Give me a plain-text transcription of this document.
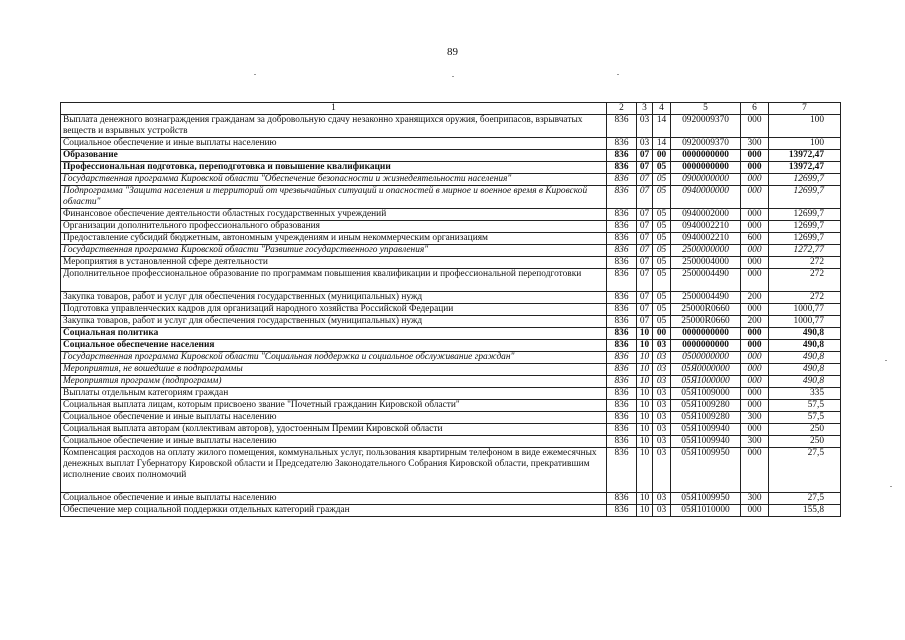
89
1	2	3	4	5	6	7
Выплата денежного вознаграждения гражданам за добровольную сдачу незаконно хранящихся оружия, боеприпасов, взрывчатых веществ и взрывных устройств	836	03	14	0920009370	000	100
Социальное обеспечение и иные выплаты населению	836	03	14	0920009370	300	100
Образование	836	07	00	0000000000	000	13972,47
Профессиональная подготовка, переподготовка и повышение квалификации	836	07	05	0000000000	000	13972,47
Государственная программа Кировской области "Обеспечение безопасности и жизнедеятельности населения"	836	07	05	0900000000	000	12699,7
Подпрограмма "Защита населения и территорий от чрезвычайных ситуаций и опасностей в мирное и военное время в Кировской области"	836	07	05	0940000000	000	12699,7
Финансовое обеспечение деятельности областных государственных учреждений	836	07	05	0940002000	000	12699,7
Организации дополнительного профессионального образования	836	07	05	0940002210	000	12699,7
Предоставление субсидий бюджетным, автономным учреждениям и иным некоммерческим организациям	836	07	05	0940002210	600	12699,7
Государственная программа Кировской области "Развитие государственного управления"	836	07	05	2500000000	000	1272,77
Мероприятия в установленной сфере деятельности	836	07	05	2500004000	000	272
Дополнительное профессиональное образование по программам повышения квалификации и профессиональной переподготовки	836	07	05	2500004490	000	272
Закупка товаров, работ и услуг для обеспечения государственных (муниципальных) нужд	836	07	05	2500004490	200	272
Подготовка управленческих кадров для организаций народного хозяйства Российской Федерации	836	07	05	25000R0660	000	1000,77
Закупка товаров, работ и услуг для обеспечения государственных (муниципальных) нужд	836	07	05	25000R0660	200	1000,77
Социальная политика	836	10	00	0000000000	000	490,8
Социальное обеспечение населения	836	10	03	0000000000	000	490,8
Государственная программа Кировской области "Социальная поддержка и социальное обслуживание граждан"	836	10	03	0500000000	000	490,8
Мероприятия, не вошедшие в подпрограммы	836	10	03	05Я0000000	000	490,8
Мероприятия программ (подпрограмм)	836	10	03	05Я1000000	000	490,8
Выплаты отдельным категориям граждан	836	10	03	05Я1009000	000	335
Социальная выплата лицам, которым присвоено звание "Почетный гражданин Кировской области"	836	10	03	05Я1009280	000	57,5
Социальное обеспечение и иные выплаты населению	836	10	03	05Я1009280	300	57,5
Социальная выплата авторам (коллективам авторов), удостоенным Премии Кировской области	836	10	03	05Я1009940	000	250
Социальное обеспечение и иные выплаты населению	836	10	03	05Я1009940	300	250
Компенсация расходов на оплату жилого помещения, коммунальных услуг, пользования квартирным телефоном в виде ежемесячных денежных выплат Губернатору Кировской области и Председателю Законодательного Собрания Кировской области, прекратившим исполнение своих полномочий	836	10	03	05Я1009950	000	27,5
Социальное обеспечение и иные выплаты населению	836	10	03	05Я1009950	300	27,5
Обеспечение мер социальной поддержки отдельных категорий граждан	836	10	03	05Я1010000	000	155,8
